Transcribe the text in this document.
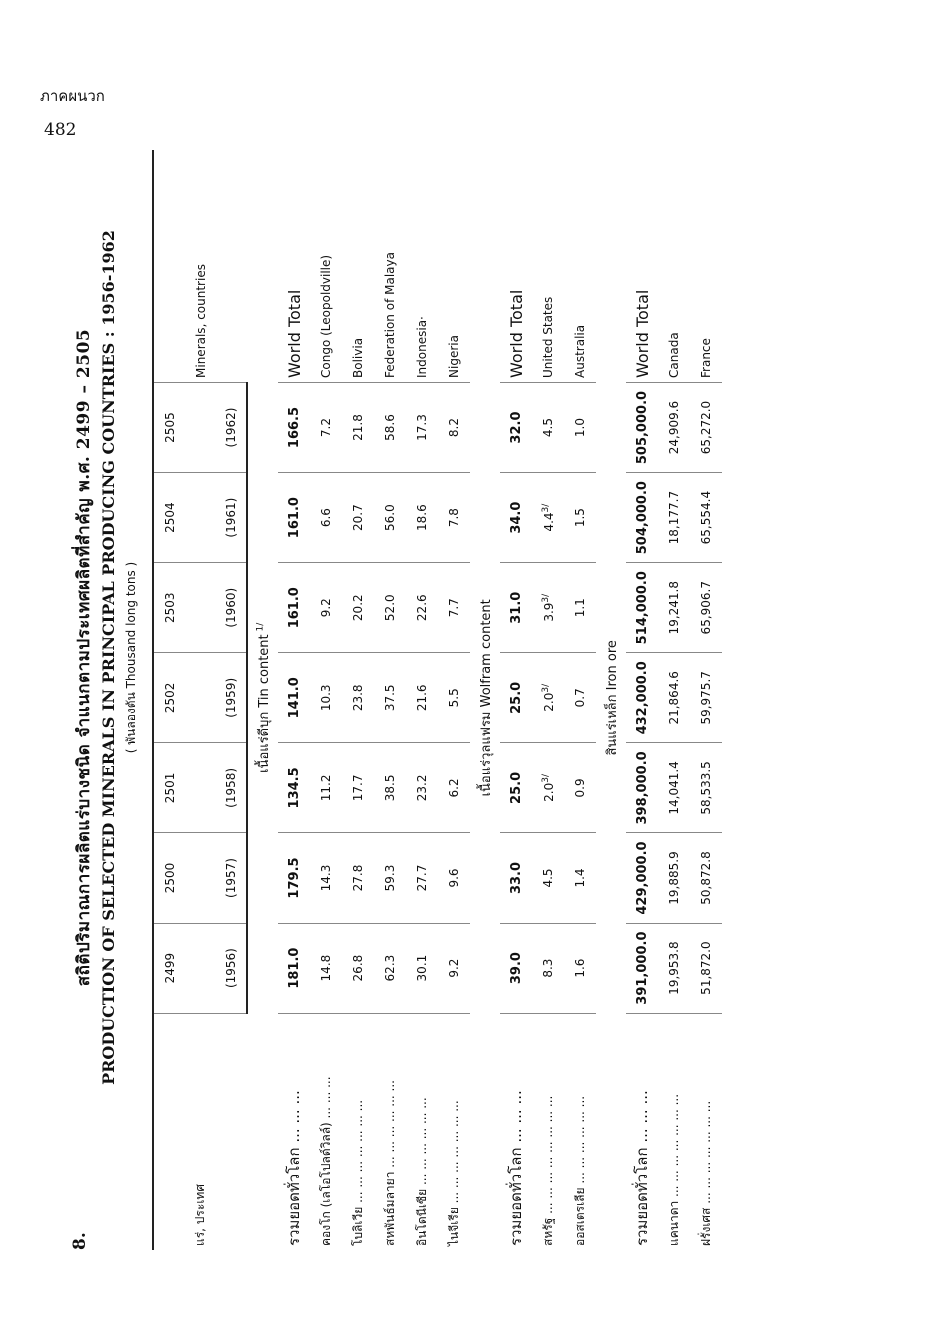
ภาคผนวก
482
8.

สถิติปริมาณการผลิตแร่บางชนิด จำแนกตามประเทศผลิตที่สำคัญ พ.ศ. 2499 – 2505 PRODUCTION OF SELECTED MINERALS IN PRINCIPAL PRODUCING COUNTRIES : 1956-1962 ( พันลองตัน Thousand long tons )

แร่, ประเทศ	2499	2500	2501	2502	2503	2504	2505	Minerals, countries

	(1956)	(1957)	(1958)	(1959)	(1960)	(1961)	(1962)	
	เนื้อแร่ดีบุก Tin content $^{1/}$	
รวมยอดทั่วโลก ... ... ...	181.0	179.5	134.5	141.0	161.0	161.0	166.5	World Total
คองโก (เลโอโปลด์วิลล์) ... ... ...	14.8	14.3	11.2	10.3	9.2	6.6	7.2	Congo (Leopoldville)
โบลิเวีย ... ... ... ... ... ... ...	26.8	27.8	17.7	23.8	20.2	20.7	21.8	Bolivia
สหพันธ์มลายา ... ... ... ... ... ...	62.3	59.3	38.5	37.5	52.0	56.0	58.6	Federation of Malaya
อินโดนีเซีย ... ... ... ... ... ...	30.1	27.7	23.2	21.6	22.6	18.6	17.3	Indonesia·
ไนจีเรีย ... ... ... ... ... ... ...	9.2	9.6	6.2	5.5	7.7	7.8	8.2	Nigeria
	เนื้อแร่วุลแฟรม Wolfram content							
รวมยอดทั่วโลก ... ... ...	39.0	33.0	25.0	25.0	31.0	34.0	32.0	World Total
สหรัฐ ... ... ... ... ... ... ... ...	8.3	4.5	$2.0^{3/}$	$2.0^{3/}$	$3.9^{3/}$	$4.4^{3/}$	4.5	United States
ออสเตรเลีย ... ... ... ... ... ...	1.6	1.4	0.9	0.7	1.1	1.5	1.0	Australia
	สินแร่เหล็ก Iron ore							
รวมยอดทั่วโลก ... ... ...	391,000.0	429,000.0	398,000.0	432,000.0	514,000.0	504,000.0	505,000.0	World Total
แคนาดา ... ... ... ... ... ... ...	19,953.8	19,885.9	14,041.4	21,864.6	19,241.8	18,177.7	24,909.6	Canada
ฝรั่งเศส ... ... ... ... ... ... ...	51,872.0	50,872.8	58,533.5	59,975.7	65,906.7	65,554.4	65,272.0	France
